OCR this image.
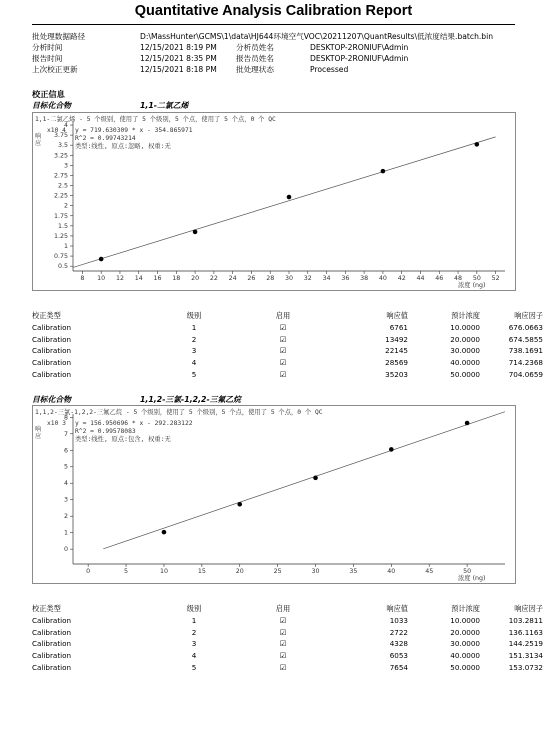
Quantitative Analysis Calibration Report
批处理数据路径	D:\MassHunter\GCMS\1\data\HJ644环境空气VOC\20211207\QuantResults\低浓度结果.batch.bin
分析时间	12/15/2021 8:19 PM	分析员姓名	DESKTOP-2RONIUF\Admin
报告时间	12/15/2021 8:35 PM	报告员姓名	DESKTOP-2RONIUF\Admin
上次校正更新	12/15/2021 8:18 PM	批处理状态	Processed
校正信息
目标化合物	1,1-二氯乙烯
0.5
0.75
1
1.25
1.5
1.75
2
2.25
2.5
2.75
3
3.25
3.5
3.75
4
8 10 12 14 16 18 20 22 24 26 28 30 32 34 36 38 40 42 44 46 48 50 52
1,1-二氯乙烯 - 5 个级别，使用了 5 个级别，5 个点，使用了 5 个点，0 个 QC
响应
x10 4 y = 719.630309 * x - 354.865971
R^2 = 0.99743214
类型:线性, 原点:忽略, 权重:无
浓度 (ng)
校正类型	级别	启用	响应值	预计浓度	响应因子
Calibration	1	☑	6761	10.0000	676.0663
Calibration	2	☑	13492	20.0000	674.5855
Calibration	3	☑	22145	30.0000	738.1691
Calibration	4	☑	28569	40.0000	714.2368
Calibration	5	☑	35203	50.0000	704.0659
目标化合物	1,1,2-三氯-1,2,2-三氟乙烷
0
1
2
3
4
5
6
7
8
0	5	10	15	20	25	30	35	40	45	50
1,1,2-三氯-1,2,2-三氟乙烷 - 5 个级别，使用了 5 个级别，5 个点，使用了 5 个点，0 个 QC
响应
x10 3 y = 156.950696 * x - 292.283122
R^2 = 0.99578083
类型:线性, 原点:包含, 权重:无
浓度 (ng)
校正类型	级别	启用	响应值	预计浓度	响应因子
Calibration	1	☑	1033	10.0000	103.2811
Calibration	2	☑	2722	20.0000	136.1163
Calibration	3	☑	4328	30.0000	144.2519
Calibration	4	☑	6053	40.0000	151.3134
Calibration	5	☑	7654	50.0000	153.0732
